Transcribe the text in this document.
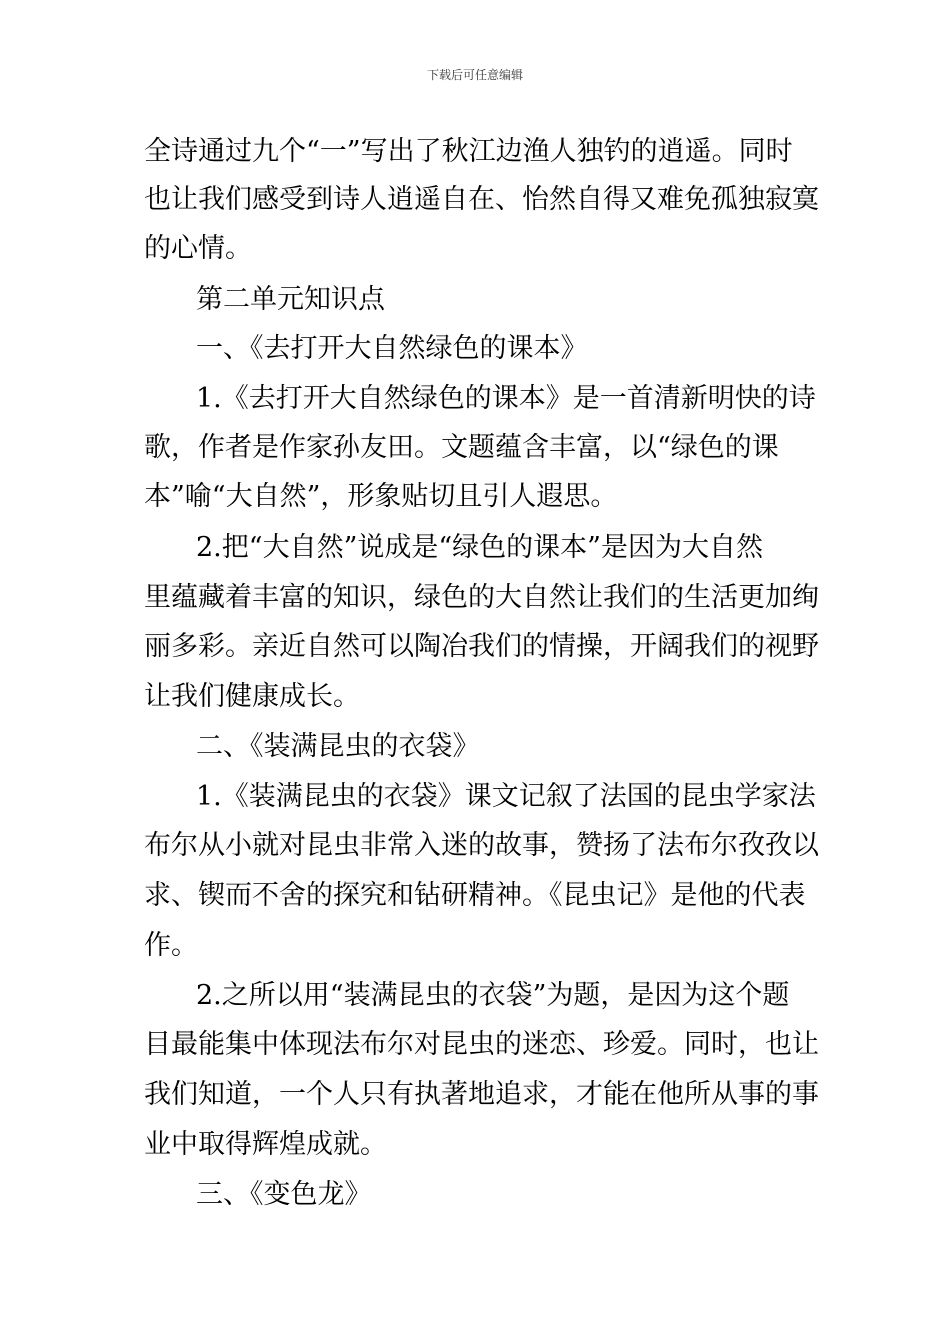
下载后可任意编辑
全诗通过九个“一”写出了秋江边渔人独钓的逍遥。同时
也让我们感受到诗人逍遥自在、怡然自得又难免孤独寂寞
的心情。
第二单元知识点
一、《去打开大自然绿色的课本》
1.《去打开大自然绿色的课本》是一首清新明快的诗
歌，作者是作家孙友田。文题蕴含丰富，以“绿色的课
本”喻“大自然”，形象贴切且引人遐思。
2.把“大自然”说成是“绿色的课本”是因为大自然
里蕴藏着丰富的知识，绿色的大自然让我们的生活更加绚
丽多彩。亲近自然可以陶冶我们的情操，开阔我们的视野
让我们健康成长。
二、《装满昆虫的衣袋》
1.《装满昆虫的衣袋》课文记叙了法国的昆虫学家法
布尔从小就对昆虫非常入迷的故事，赞扬了法布尔孜孜以
求、锲而不舍的探究和钻研精神。《昆虫记》是他的代表
作。
2.之所以用“装满昆虫的衣袋”为题，是因为这个题
目最能集中体现法布尔对昆虫的迷恋、珍爱。同时，也让
我们知道，一个人只有执著地追求，才能在他所从事的事
业中取得辉煌成就。
三、《变色龙》
